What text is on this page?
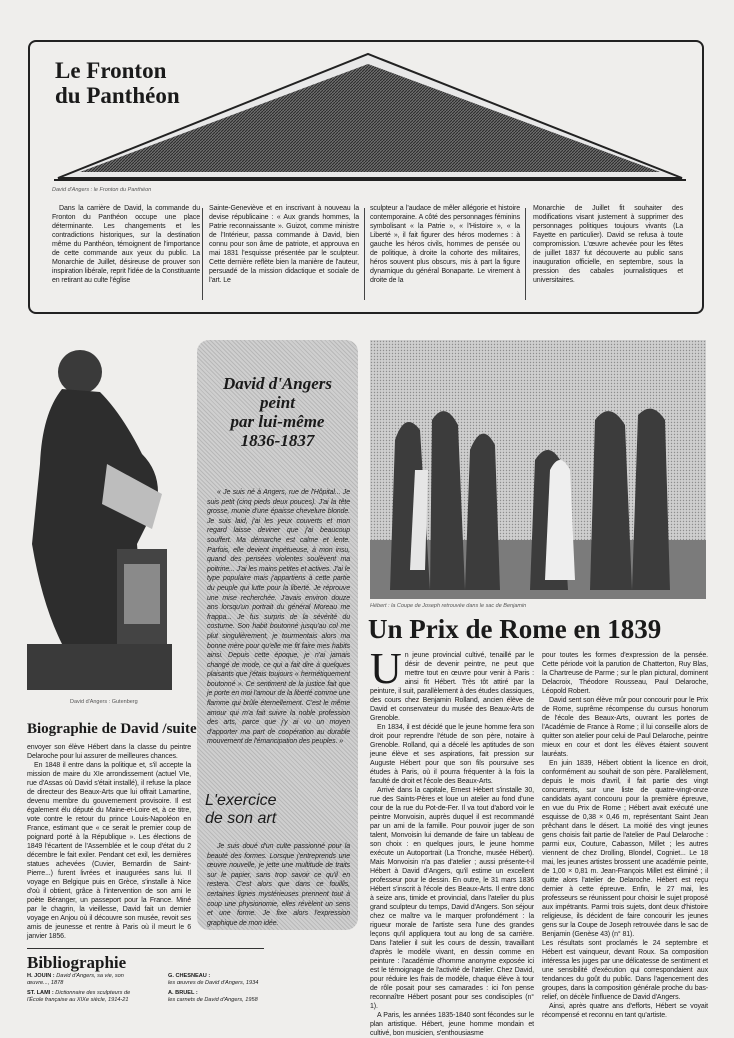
Le Fronton
du Panthéon
David d'Angers : le Fronton du Panthéon

Dans la carrière de David, la commande du Fronton du Panthéon occupe une place déterminante. Les changements et les contradictions historiques, sur la destination même du Panthéon, témoignent de l'importance de cette commande aux yeux du public. La Monarchie de Juillet, désireuse de prouver son inspiration libérale, reprit l'idée de la Constituante en retirant au culte l'église

Sainte-Geneviève et en inscrivant à nouveau la devise républicaine : « Aux grands hommes, la Patrie reconnaissante ». Guizot, comme ministre de l'Intérieur, passa commande à David, bien connu pour son âme de patriote, et approuva en mai 1831 l'esquisse présentée par le sculpteur. Cette dernière reflète bien la manière de l'auteur, persuadé de la mission didactique et sociale de l'art. Le

sculpteur a l'audace de mêler allégorie et histoire contemporaine. A côté des personnages féminins symbolisant « la Patrie », « l'Histoire », « la Liberté », il fait figurer des héros modernes : à gauche les héros civils, hommes de pensée ou de politique, à droite la cohorte des militaires, héros souvent plus obscurs, mis à part la figure dynamique du général Bonaparte. Le virement à droite de la

Monarchie de Juillet fit souhaiter des modifications visant justement à supprimer des personnages politiques toujours vivants (La Fayette en particulier). David se refusa à toute compromission. L'œuvre achevée pour les fêtes de juillet 1837 fut découverte au public sans inauguration officielle, en septembre, sous la pression des cabales journalistiques et universitaires.

David d'Angers : Gutenberg
Biographie de David /suite

envoyer son élève Hébert dans la classe du peintre Delaroche pour lui assurer de meilleures chances.

En 1848 il entre dans la politique et, s'il accepte la mission de maire du XIe arrondissement (actuel VIe, rue d'Assas où David s'était installé), il refuse la place de directeur des Beaux-Arts que lui offrait Lamartine, devenu membre du gouvernement provisoire. Il est également élu député du Maine-et-Loire et, à ce titre, vote contre le retour du prince Louis-Napoléon en France, estimant que « ce serait le premier coup de poignard porté à la République ». Les élections de 1849 l'écartent de l'Assemblée et le coup d'état du 2 décembre le fait exiler. Pendant cet exil, les dernières statues achevées (Cuvier, Bernardin de Saint-Pierre...) furent livrées et inaugurées sans lui. Il voyage en Belgique puis en Grèce, s'installe à Nice d'où il obtient, grâce à l'intervention de son ami le poète Béranger, un passeport pour la France. Miné par le chagrin, la vieillesse, David fait un dernier voyage en Anjou où il découvre son musée, revoit ses amis de jeunesse et rentre à Paris où il meurt le 6 janvier 1856.

Bibliographie
H. JOUIN : David d'Angers, sa vie, son œuvre..., 1878
ST. LAMI : Dictionnaire des sculpteurs de l'École française au XIXe siècle, 1914-21
G. CHESNEAU :
les œuvres de David d'Angers, 1934
A. BRUEL :
les carnets de David d'Angers, 1958
David d'Angers
peint
par lui-même
1836-1837

« Je suis né à Angers, rue de l'Hôpital... Je suis petit (cinq pieds deux pouces). J'ai la tête grosse, munie d'une épaisse chevelure blonde. Je suis laid, j'ai les yeux couverts et mon regard laisse deviner que j'ai beaucoup souffert. Ma démarche est calme et lente. Parfois, elle devient impétueuse, à mon insu, quand des pensées violentes soulèvent ma poitrine... J'ai les mains petites et actives. J'ai le type populaire mais j'appartiens à cette partie du peuple qui lutte pour la liberté. Je réprouve une mise recherchée. J'avais environ douze ans lorsqu'un portrait du général Moreau me frappa... Je fus surpris de la sévérité du costume. Son habit boutonné jusqu'au col me plut singulièrement, je tourmentais alors ma bonne mère pour qu'elle me fit faire mes habits ainsi. Depuis cette époque, je n'ai jamais changé de mode, ce qui a fait dire à quelques plaisants que j'étais toujours « hermétiquement boutonné ». Ce sentiment de la justice fait que je porte en moi l'amour de la liberté comme une flamme qui brûle éternellement. C'est le même amour qui m'a fait suivre la noble profession des arts, parce que j'y ai vu un moyen d'apporter ma part de coopération au durable mouvement de l'émancipation des peuples. »

L'exercice
de son art

Je suis doué d'un culte passionné pour la beauté des formes. Lorsque j'entreprends une œuvre nouvelle, je jette une multitude de traits sur le papier, sans trop savoir ce qu'il en restera. C'est alors que dans ce fouillis, certaines lignes mystérieuses prennent tout à coup une physionomie, elles révèlent un sens et une forme. Je fixe alors l'expression graphique de mon idée.

Hébert : la Coupe de Joseph retrouvée dans le sac de Benjamin
Un Prix de Rome en 1839
U n jeune provincial cultivé, tenaillé par le désir de devenir peintre, ne peut que mettre tout en œuvre pour venir à Paris : ainsi fit Hébert. Très tôt attiré par la peinture, il suit, parallèlement à des études classiques, des cours chez Benjamin Rolland, ancien élève de David et conservateur du musée des Beaux-Arts de Grenoble.

En 1834, il est décidé que le jeune homme fera son droit pour reprendre l'étude de son père, notaire à Grenoble. Rolland, qui a décelé les aptitudes de son jeune élève et ses aspirations, fait pression sur Auguste Hébert pour que son fils poursuive ses études à Paris, où il pourra fréquenter à la fois la faculté de droit et l'école des Beaux-Arts.

Arrivé dans la capitale, Ernest Hébert s'installe 30, rue des Saints-Pères et loue un atelier au fond d'une cour de la rue du Pot-de-Fer. Il va tout d'abord voir le peintre Monvoisin, auprès duquel il est recommandé par un ami de la famille. Pour pouvoir juger de son talent, Monvoisin lui demande de faire un tableau de son choix : en quelques jours, le jeune homme exécute un Autoportrait (La Tronche, musée Hébert). Mais Monvoisin n'a pas d'atelier ; aussi présente-t-il Hébert à David d'Angers, qu'il estime un excellent professeur pour le dessin. En outre, le 31 mars 1836 Hébert s'inscrit à l'école des Beaux-Arts. Il entre donc à seize ans, timide et provincial, dans l'atelier du plus grand sculpteur du temps, David d'Angers. Son séjour chez ce maître va le marquer profondément : la rigueur morale de l'artiste sera l'une des grandes leçons qu'il appliquera tout au long de sa carrière. Dans l'atelier il suit les cours de dessin, travaillant d'après le modèle vivant, en dessin comme en peinture : l'académie d'homme anonyme exposée ici est le témoignage de l'activité de l'atelier. Chez David, pour réduire les frais de modèle, chaque élève à tour de rôle posait pour ses camarades : ici l'on pense reconnaître Hébert posant pour ses condisciples (n° 1).

A Paris, les années 1835-1840 sont fécondes sur le plan artistique. Hébert, jeune homme mondain et cultivé, bon musicien, s'enthousiasme

pour toutes les formes d'expression de la pensée. Cette période voit la parution de Chatterton, Ruy Blas, la Chartreuse de Parme ; sur le plan pictural, dominent Delacroix, Théodore Rousseau, Paul Delaroche, Léopold Robert.

David sent son élève mûr pour concourir pour le Prix de Rome, suprême récompense du cursus honorum de l'école des Beaux-Arts, ouvrant les portes de l'Académie de France à Rome ; il lui conseille alors de quitter son atelier pour celui de Paul Delaroche, peintre mieux en cour et dont les élèves étaient souvent lauréats.

En juin 1839, Hébert obtient la licence en droit, conformément au souhait de son père. Parallèlement, depuis le mois d'avril, il fait partie des vingt concurrents, sur une liste de quatre-vingt-onze candidats ayant concouru pour la première épreuve, en vue du Prix de Rome ; Hébert avait exécuté une esquisse de 0,38 × 0,46 m, représentant Saint Jean prêchant dans le désert. La moitié des vingt jeunes gens choisis fait partie de l'atelier de Paul Delaroche : parmi eux, Couture, Cabasson, Millet ; les autres viennent de chez Drolling, Blondel, Cogniet... Le 18 mai, les jeunes artistes brossent une académie peinte, de 1,00 × 0,81 m. Jean-François Millet est éliminé ; il quitte alors l'atelier de Delaroche. Hébert est reçu dernier à cette épreuve. Enfin, le 27 mai, les professeurs se réunissent pour choisir le sujet proposé aux impétrants. Parmi trois sujets, dont deux d'histoire religieuse, ils décident de faire concourir les jeunes gens sur la Coupe de Joseph retrouvée dans le sac de Benjamin (Genèse 43) (n° 81).

Les résultats sont proclamés le 24 septembre et Hébert est vainqueur, devant Roux. Sa composition intéressa les juges par une délicatesse de sentiment et une sensibilité d'exécution qui correspondaient aux tendances du goût du public. Dans l'agencement des groupes, dans la composition générale proche du bas-relief, on décèle l'influence de David d'Angers.

Ainsi, après quatre ans d'efforts, Hébert se voyait récompensé et reconnu en tant qu'artiste.
